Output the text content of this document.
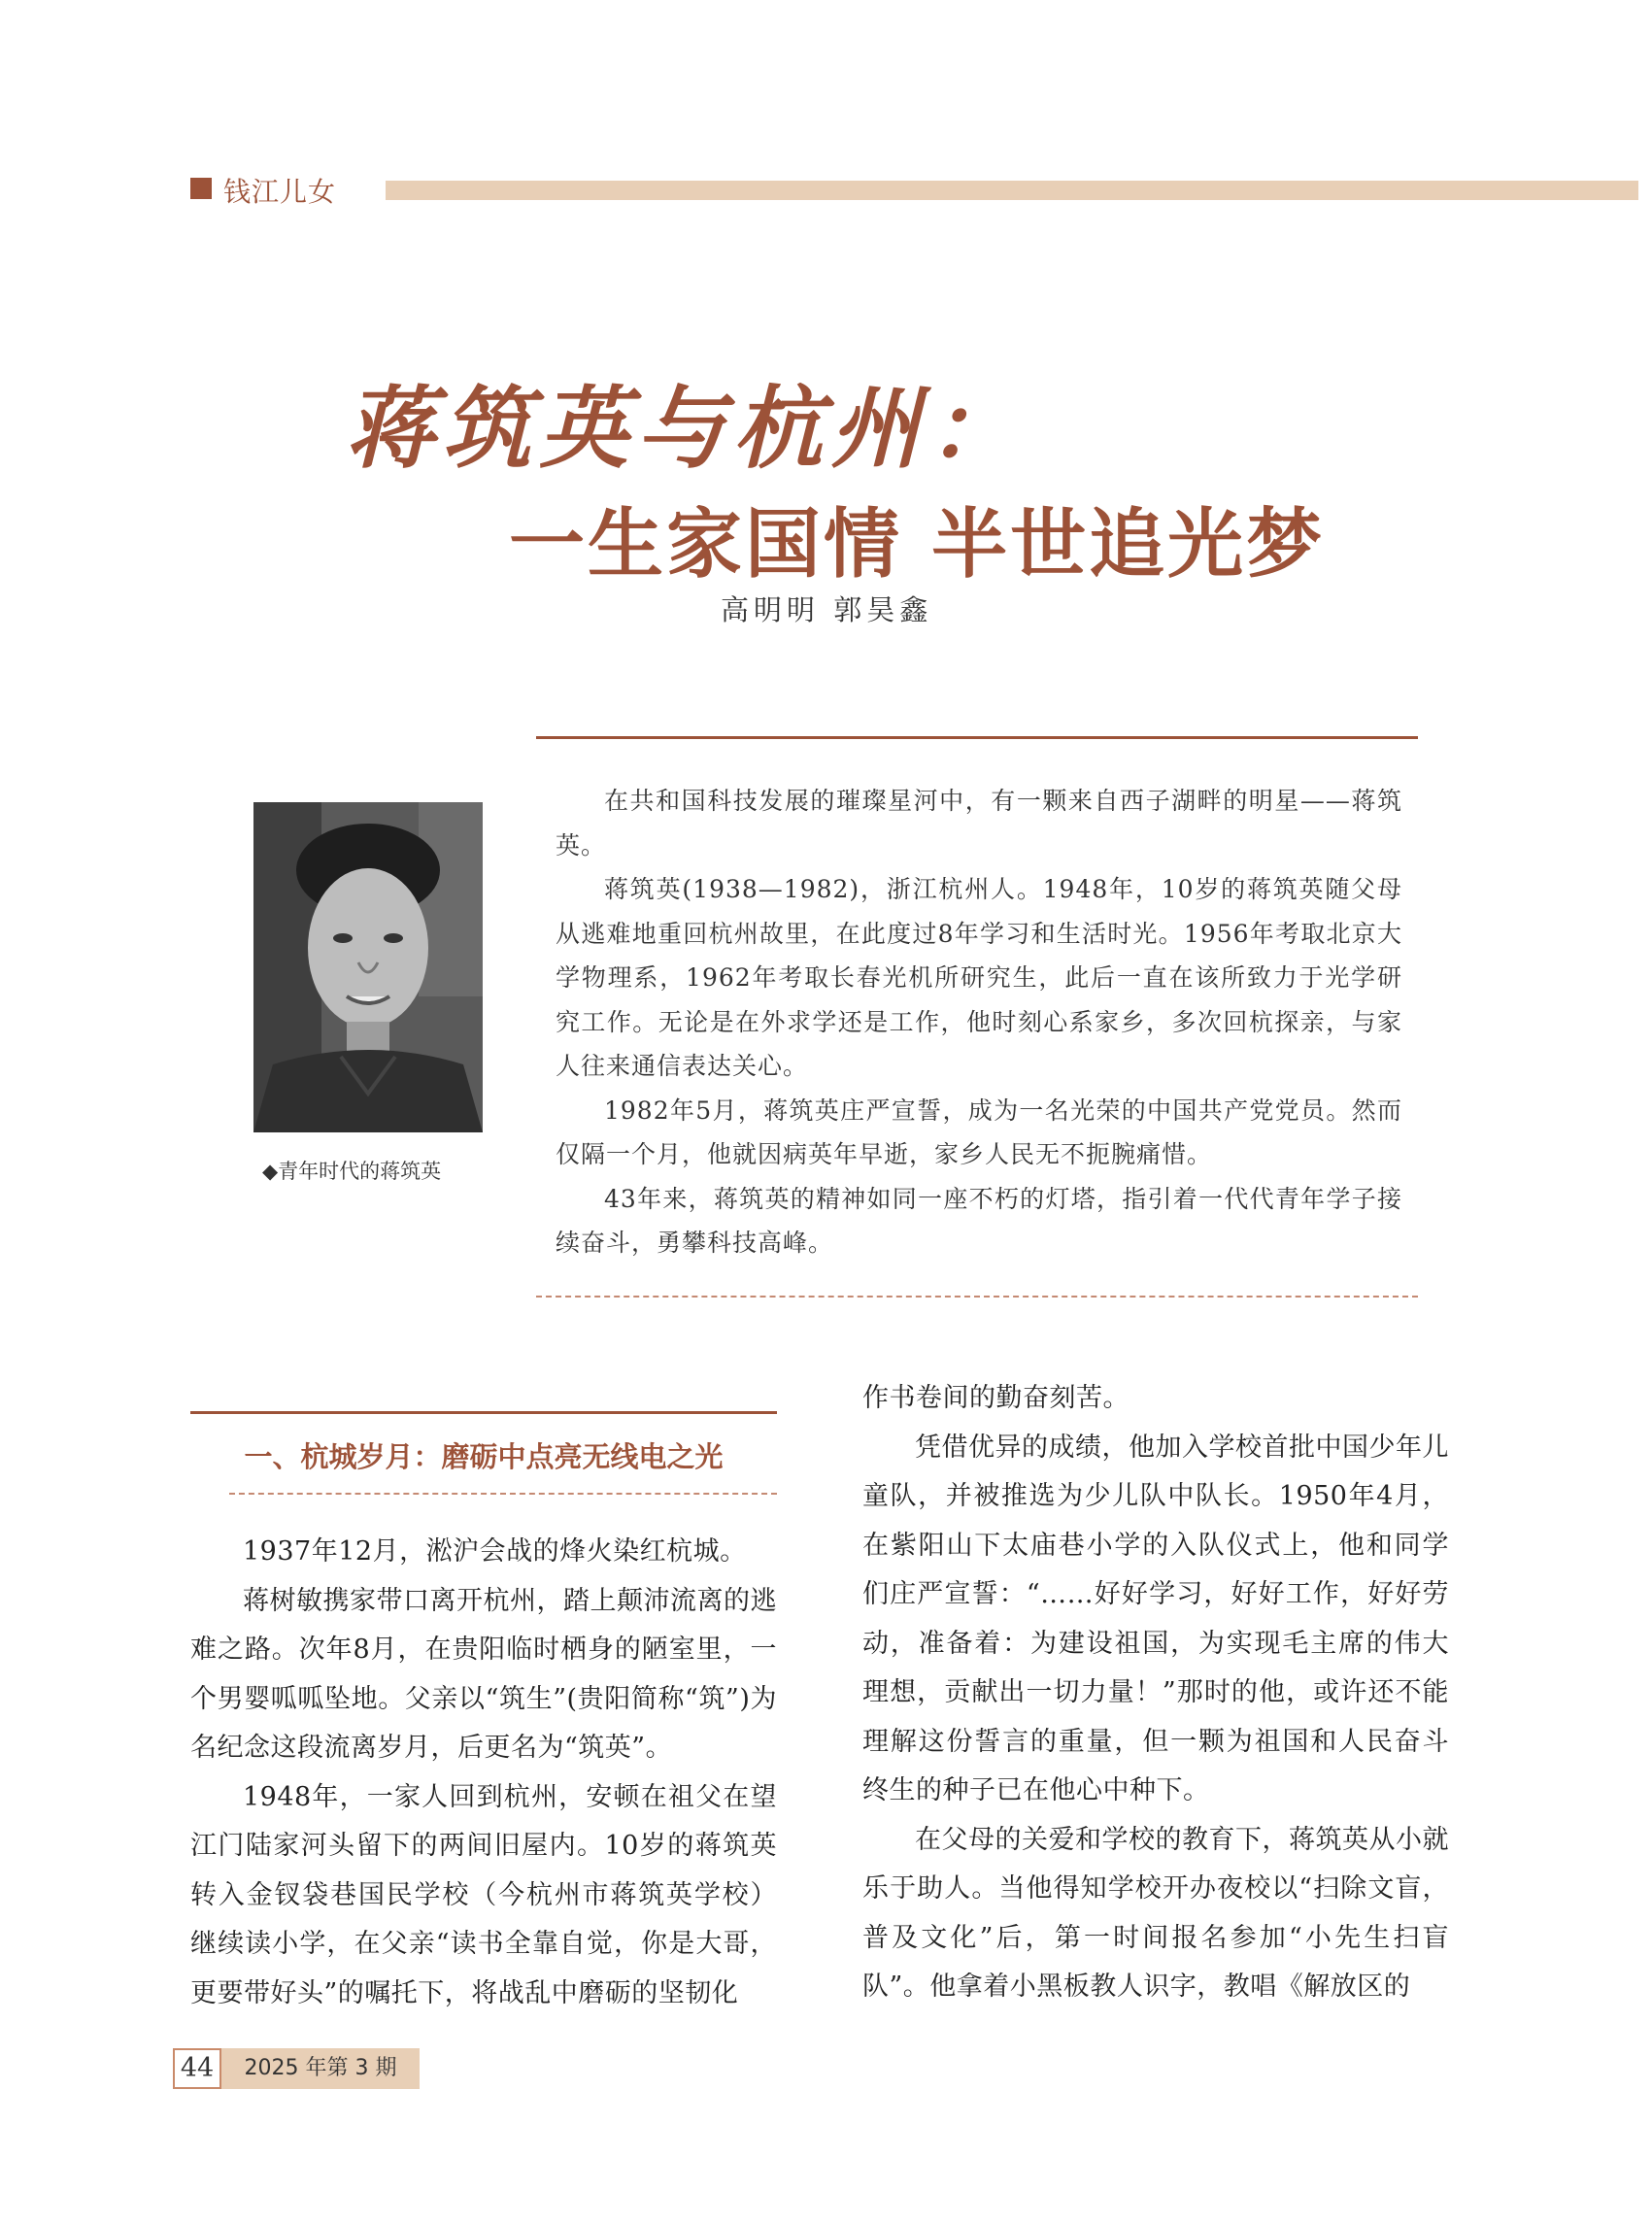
钱江儿女
蒋筑英与杭州：
一生家国情 半世追光梦
高明明 郭昊鑫
◆青年时代的蒋筑英

在共和国科技发展的璀璨星河中，有一颗来自西子湖畔的明星——蒋筑英。

蒋筑英(1938—1982)，浙江杭州人。1948年，10岁的蒋筑英随父母从逃难地重回杭州故里，在此度过8年学习和生活时光。1956年考取北京大学物理系，1962年考取长春光机所研究生，此后一直在该所致力于光学研究工作。无论是在外求学还是工作，他时刻心系家乡，多次回杭探亲，与家人往来通信表达关心。

1982年5月，蒋筑英庄严宣誓，成为一名光荣的中国共产党党员。然而仅隔一个月，他就因病英年早逝，家乡人民无不扼腕痛惜。

43年来，蒋筑英的精神如同一座不朽的灯塔，指引着一代代青年学子接续奋斗，勇攀科技高峰。

一、杭城岁月：磨砺中点亮无线电之光

1937年12月，淞沪会战的烽火染红杭城。

蒋树敏携家带口离开杭州，踏上颠沛流离的逃难之路。次年8月，在贵阳临时栖身的陋室里，一个男婴呱呱坠地。父亲以“筑生”(贵阳简称“筑”)为名纪念这段流离岁月，后更名为“筑英”。

1948年，一家人回到杭州，安顿在祖父在望江门陆家河头留下的两间旧屋内。10岁的蒋筑英转入金钗袋巷国民学校（今杭州市蒋筑英学校）继续读小学，在父亲“读书全靠自觉，你是大哥，更要带好头”的嘱托下，将战乱中磨砺的坚韧化

作书卷间的勤奋刻苦。

凭借优异的成绩，他加入学校首批中国少年儿童队，并被推选为少儿队中队长。1950年4月，在紫阳山下太庙巷小学的入队仪式上，他和同学们庄严宣誓：“……好好学习，好好工作，好好劳动，准备着：为建设祖国，为实现毛主席的伟大理想，贡献出一切力量！”那时的他，或许还不能理解这份誓言的重量，但一颗为祖国和人民奋斗终生的种子已在他心中种下。

在父母的关爱和学校的教育下，蒋筑英从小就乐于助人。当他得知学校开办夜校以“扫除文盲，普及文化”后，第一时间报名参加“小先生扫盲队”。他拿着小黑板教人识字，教唱《解放区的

44	2025 年第 3 期
